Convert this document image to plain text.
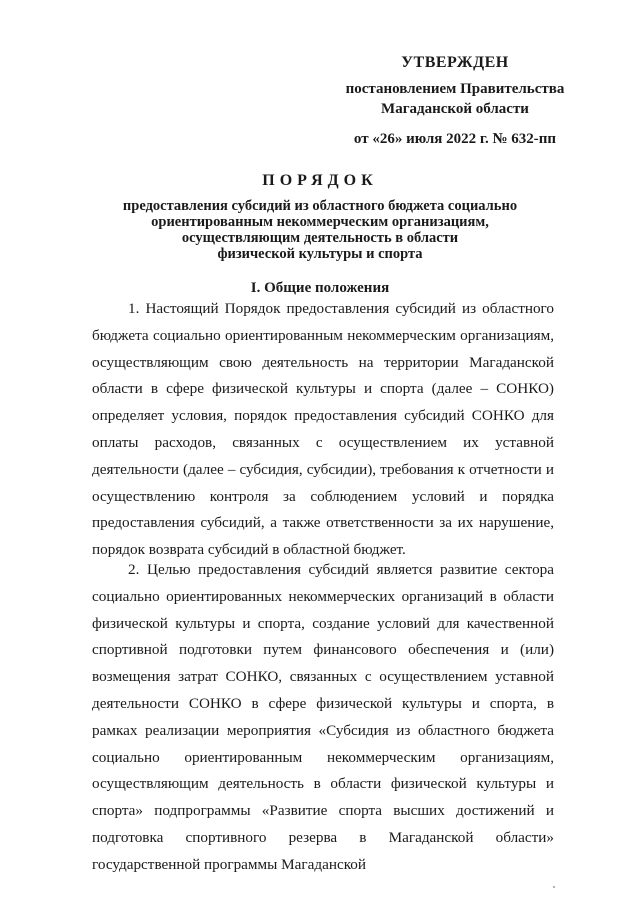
УТВЕРЖДЕН
постановлением Правительства
Магаданской области
от «26» июля 2022 г. № 632-пп
ПОРЯДОК
предоставления субсидий из областного бюджета социально
ориентированным некоммерческим организациям,
осуществляющим деятельность в области
физической культуры и спорта
I. Общие положения
1. Настоящий Порядок предоставления субсидий из областного бюджета социально ориентированным некоммерческим организациям, осуществляющим свою деятельность на территории Магаданской области в сфере физической культуры и спорта (далее – СОНКО) определяет условия, порядок предоставления субсидий СОНКО для оплаты расходов, связанных с осуществлением их уставной деятельности (далее – субсидия, субсидии), требования к отчетности и осуществлению контроля за соблюдением условий и порядка предоставления субсидий, а также ответственности за их нарушение, порядок возврата субсидий в областной бюджет.
2. Целью предоставления субсидий является развитие сектора социально ориентированных некоммерческих организаций в области физической культуры и спорта, создание условий для качественной спортивной подготовки путем финансового обеспечения и (или) возмещения затрат СОНКО, связанных с осуществлением уставной деятельности СОНКО в сфере физической культуры и спорта, в рамках реализации мероприятия «Субсидия из областного бюджета социально ориентированным некоммерческим организациям, осуществляющим деятельность в области физической культуры и спорта» подпрограммы «Развитие спорта высших достижений и подготовка спортивного резерва в Магаданской области» государственной программы Магаданской
